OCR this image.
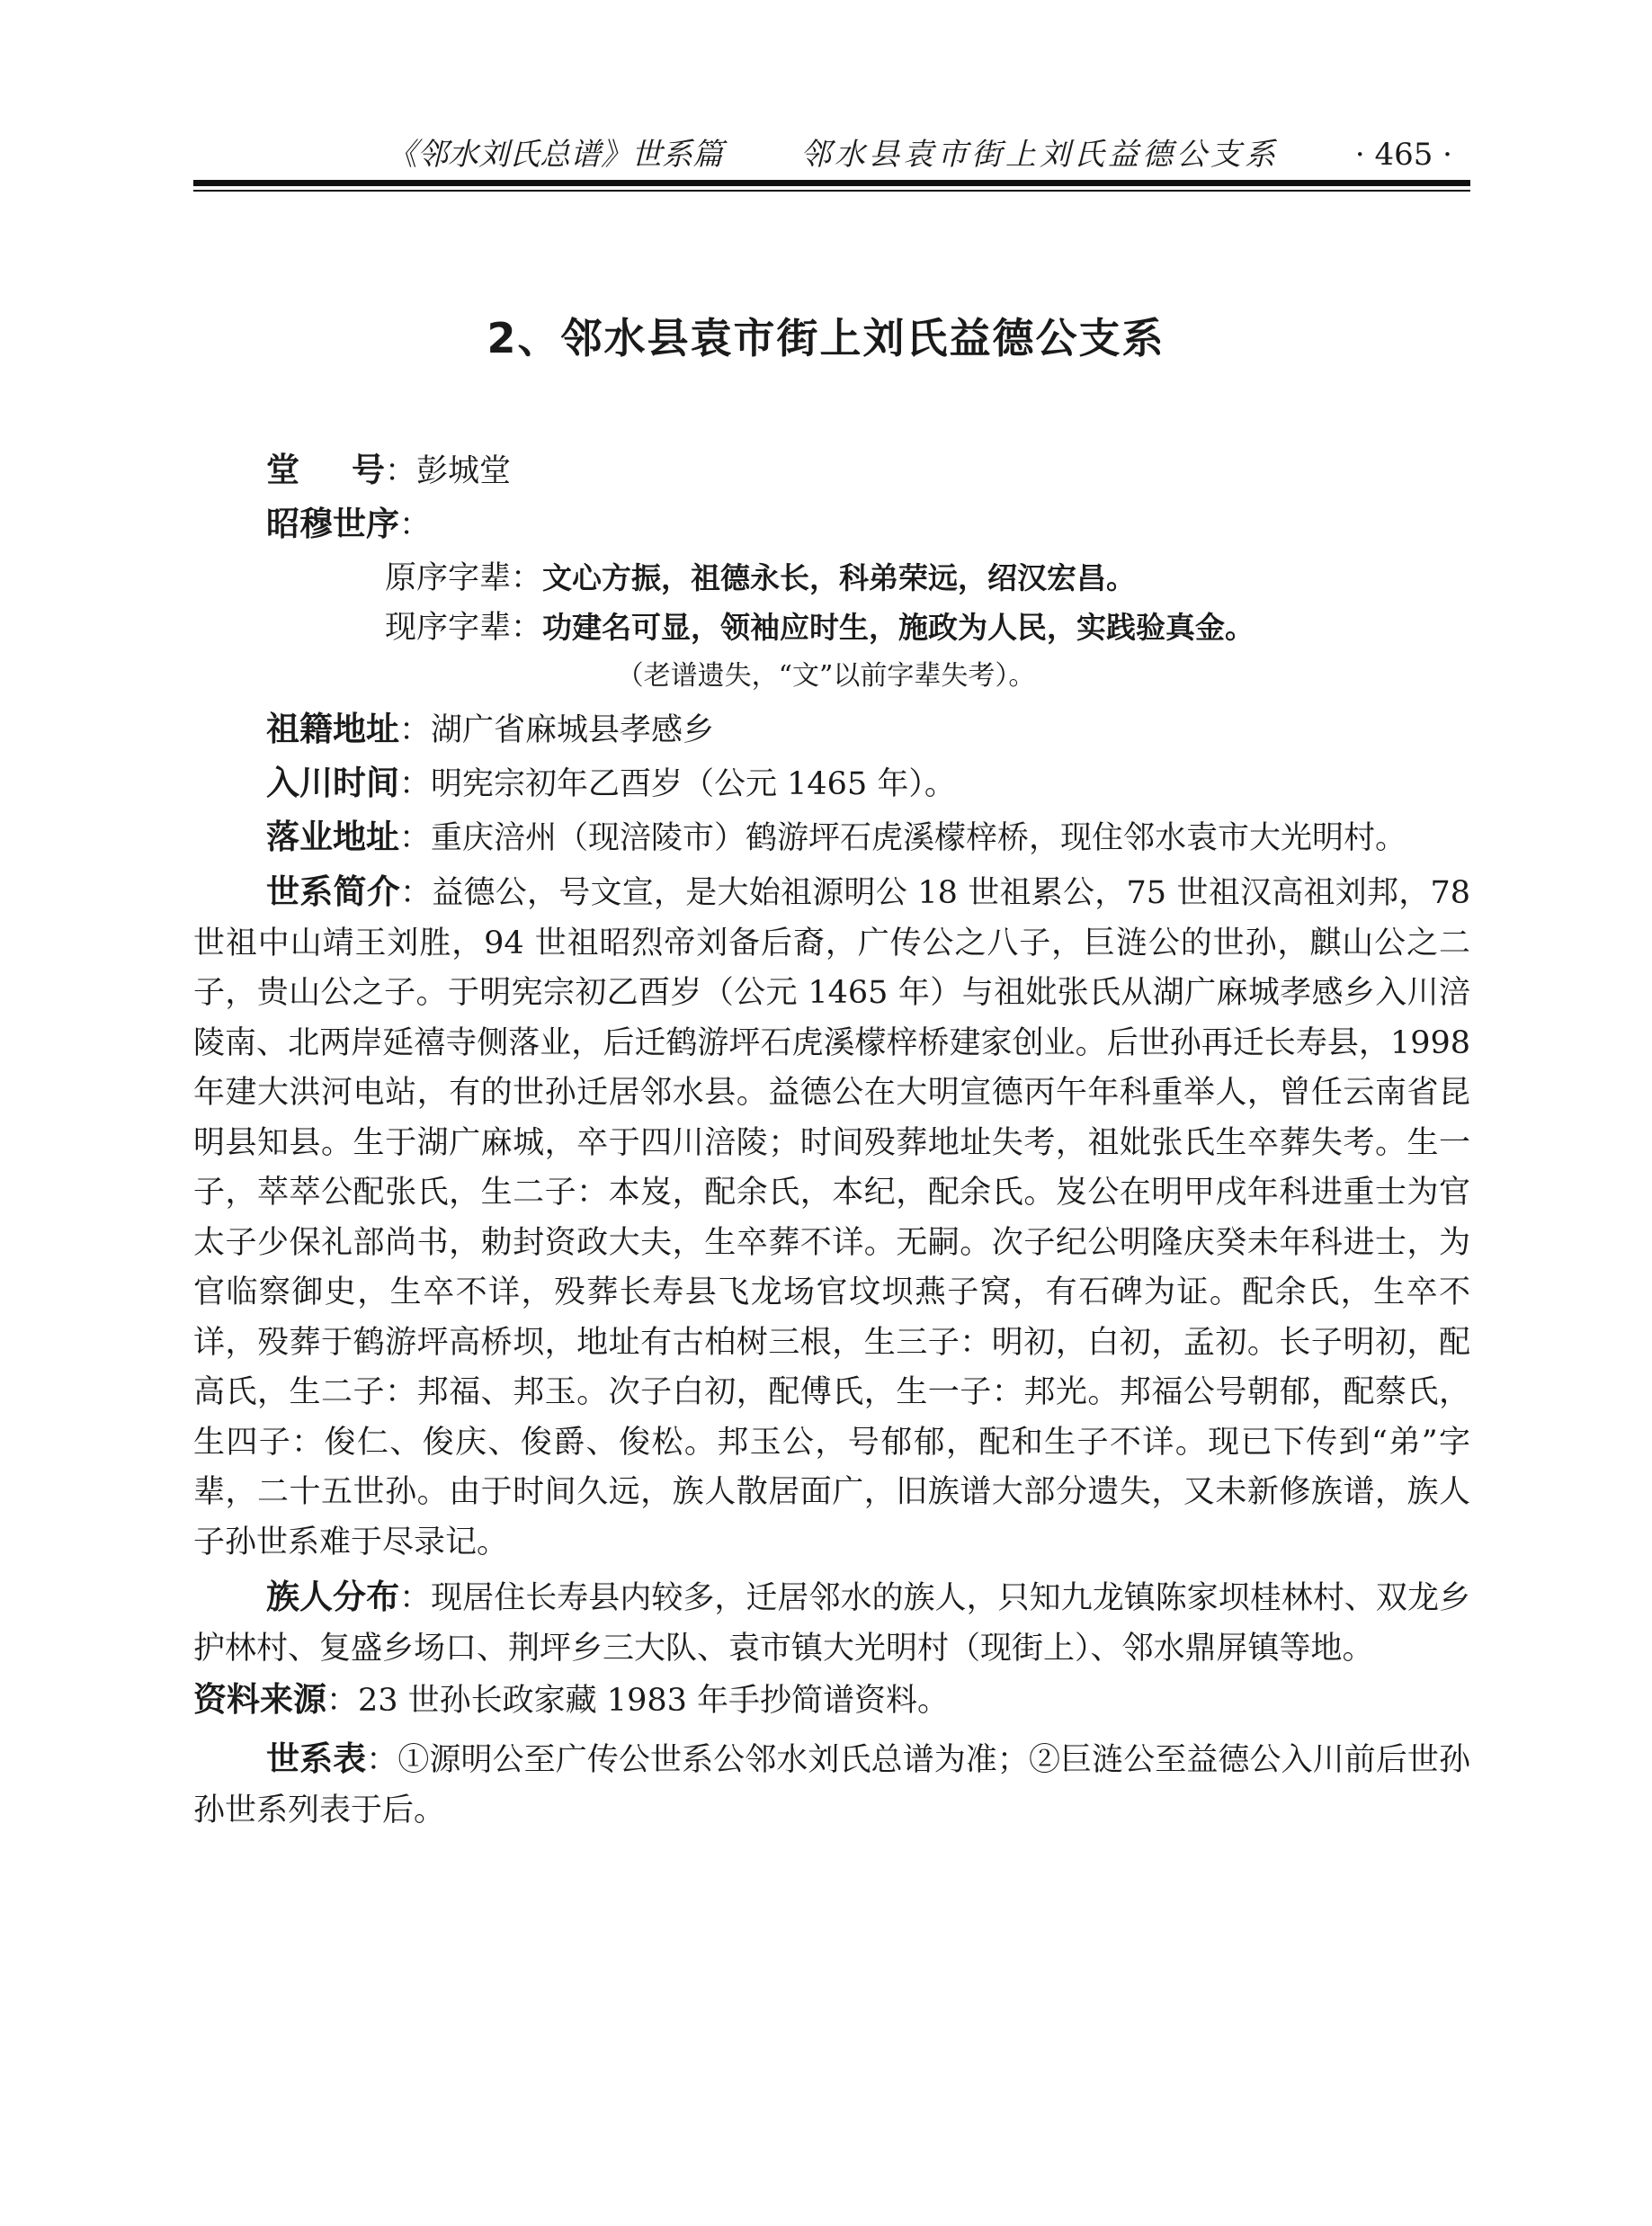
《邻水刘氏总谱》世系篇	邻水县袁市街上刘氏益德公支系 · 465 ·
2、邻水县袁市街上刘氏益德公支系
堂号：彭城堂
昭穆世序：
原序字辈：文心方振，祖德永长，科弟荣远，绍汉宏昌。
现序字辈：功建名可显，领袖应时生，施政为人民，实践验真金。
（老谱遗失，“文”以前字辈失考）。
祖籍地址：湖广省麻城县孝感乡
入川时间：明宪宗初年乙酉岁（公元 1465 年）。
落业地址：重庆涪州（现涪陵市）鹤游坪石虎溪檬梓桥，现住邻水袁市大光明村。
世系简介：益德公，号文宣，是大始祖源明公 18 世祖累公，75 世祖汉高祖刘邦，78 世祖中山靖王刘胜，94 世祖昭烈帝刘备后裔，广传公之八子，巨涟公的世孙，麒山公之二子，贵山公之子。于明宪宗初乙酉岁（公元 1465 年）与祖妣张氏从湖广麻城孝感乡入川涪陵南、北两岸延禧寺侧落业，后迁鹤游坪石虎溪檬梓桥建家创业。后世孙再迁长寿县，1998 年建大洪河电站，有的世孙迁居邻水县。益德公在大明宣德丙午年科重举人，曾任云南省昆明县知县。生于湖广麻城，卒于四川涪陵；时间殁葬地址失考，祖妣张氏生卒葬失考。生一子，萃萃公配张氏，生二子：本岌，配余氏，本纪，配余氏。岌公在明甲戌年科进重士为官太子少保礼部尚书，勅封资政大夫，生卒葬不详。无嗣。次子纪公明隆庆癸未年科进士，为官临察御史，生卒不详，殁葬长寿县飞龙场官坟坝燕子窝，有石碑为证。配余氏，生卒不详，殁葬于鹤游坪高桥坝，地址有古柏树三根，生三子：明初，白初，孟初。长子明初，配高氏，生二子：邦福、邦玉。次子白初，配傅氏，生一子：邦光。邦福公号朝郁，配蔡氏，生四子：俊仁、俊庆、俊爵、俊松。邦玉公，号郁郁，配和生子不详。现已下传到“弟”字辈，二十五世孙。由于时间久远，族人散居面广，旧族谱大部分遗失，又未新修族谱，族人子孙世系难于尽录记。
族人分布：现居住长寿县内较多，迁居邻水的族人，只知九龙镇陈家坝桂林村、双龙乡护林村、复盛乡场口、荆坪乡三大队、袁市镇大光明村（现街上）、邻水鼎屏镇等地。
资料来源：23 世孙长政家藏 1983 年手抄简谱资料。
世系表：①源明公至广传公世系公邻水刘氏总谱为准；②巨涟公至益德公入川前后世孙孙世系列表于后。
